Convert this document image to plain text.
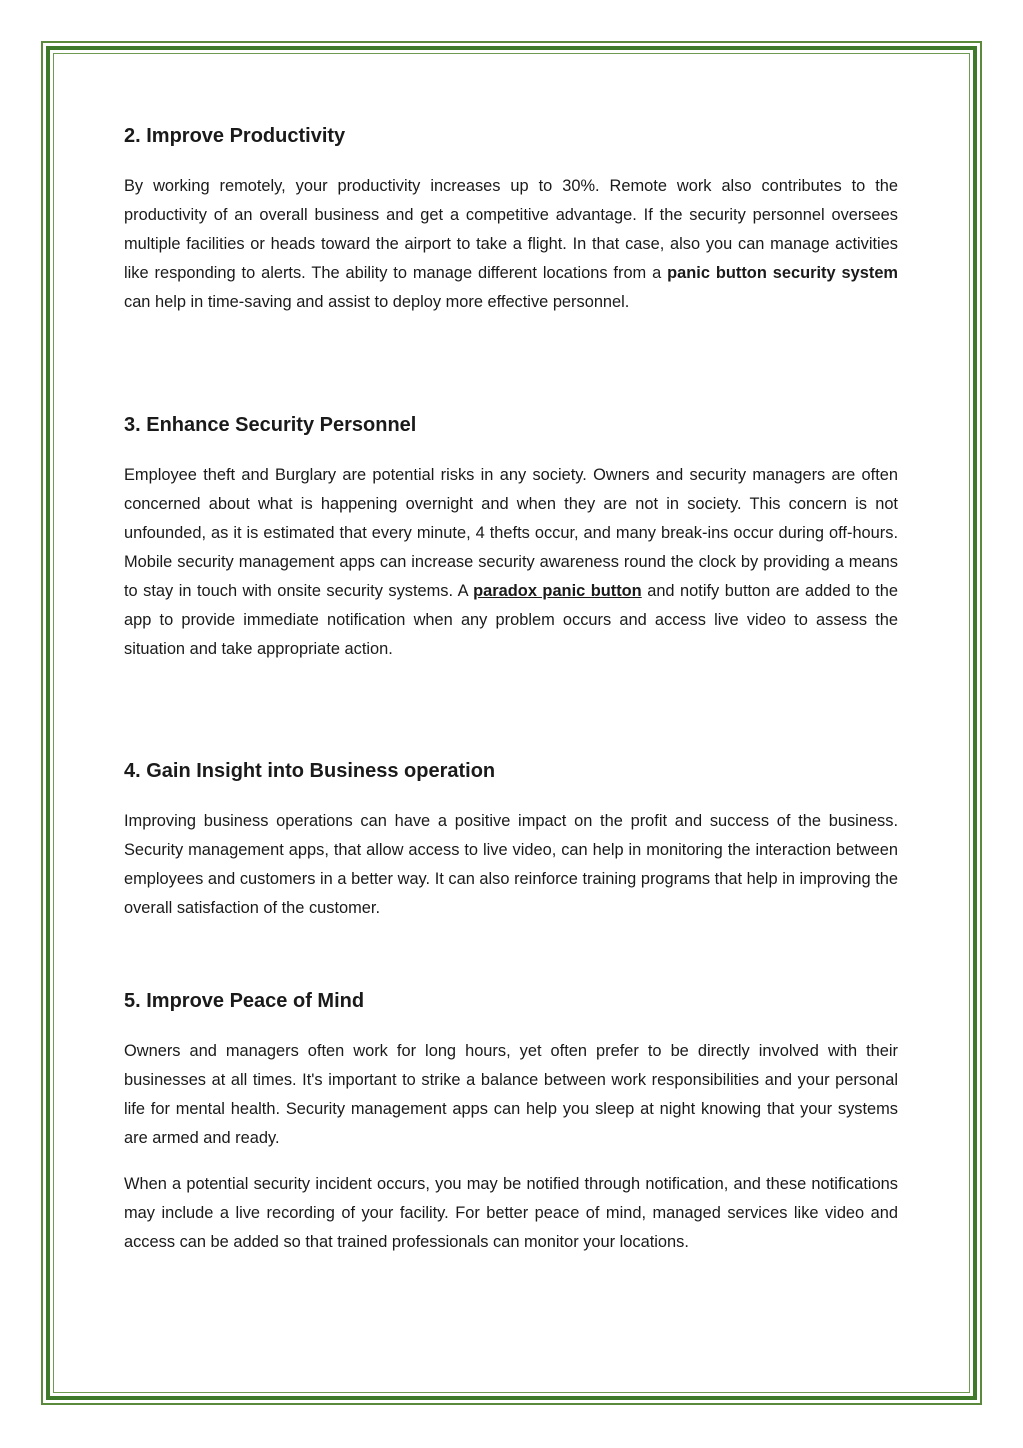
2. Improve Productivity

By working remotely, your productivity increases up to 30%. Remote work also contributes to the productivity of an overall business and get a competitive advantage. If the security personnel oversees multiple facilities or heads toward the airport to take a flight. In that case, also you can manage activities like responding to alerts. The ability to manage different locations from a panic button security system can help in time-saving and assist to deploy more effective personnel.

3. Enhance Security Personnel

Employee theft and Burglary are potential risks in any society. Owners and security managers are often concerned about what is happening overnight and when they are not in society. This concern is not unfounded, as it is estimated that every minute, 4 thefts occur, and many break-ins occur during off-hours. Mobile security management apps can increase security awareness round the clock by providing a means to stay in touch with onsite security systems. A paradox panic button and notify button are added to the app to provide immediate notification when any problem occurs and access live video to assess the situation and take appropriate action.

4. Gain Insight into Business operation

Improving business operations can have a positive impact on the profit and success of the business. Security management apps, that allow access to live video, can help in monitoring the interaction between employees and customers in a better way. It can also reinforce training programs that help in improving the overall satisfaction of the customer.

5. Improve Peace of Mind

Owners and managers often work for long hours, yet often prefer to be directly involved with their businesses at all times. It's important to strike a balance between work responsibilities and your personal life for mental health. Security management apps can help you sleep at night knowing that your systems are armed and ready.

When a potential security incident occurs, you may be notified through notification, and these notifications may include a live recording of your facility. For better peace of mind, managed services like video and access can be added so that trained professionals can monitor your locations.
